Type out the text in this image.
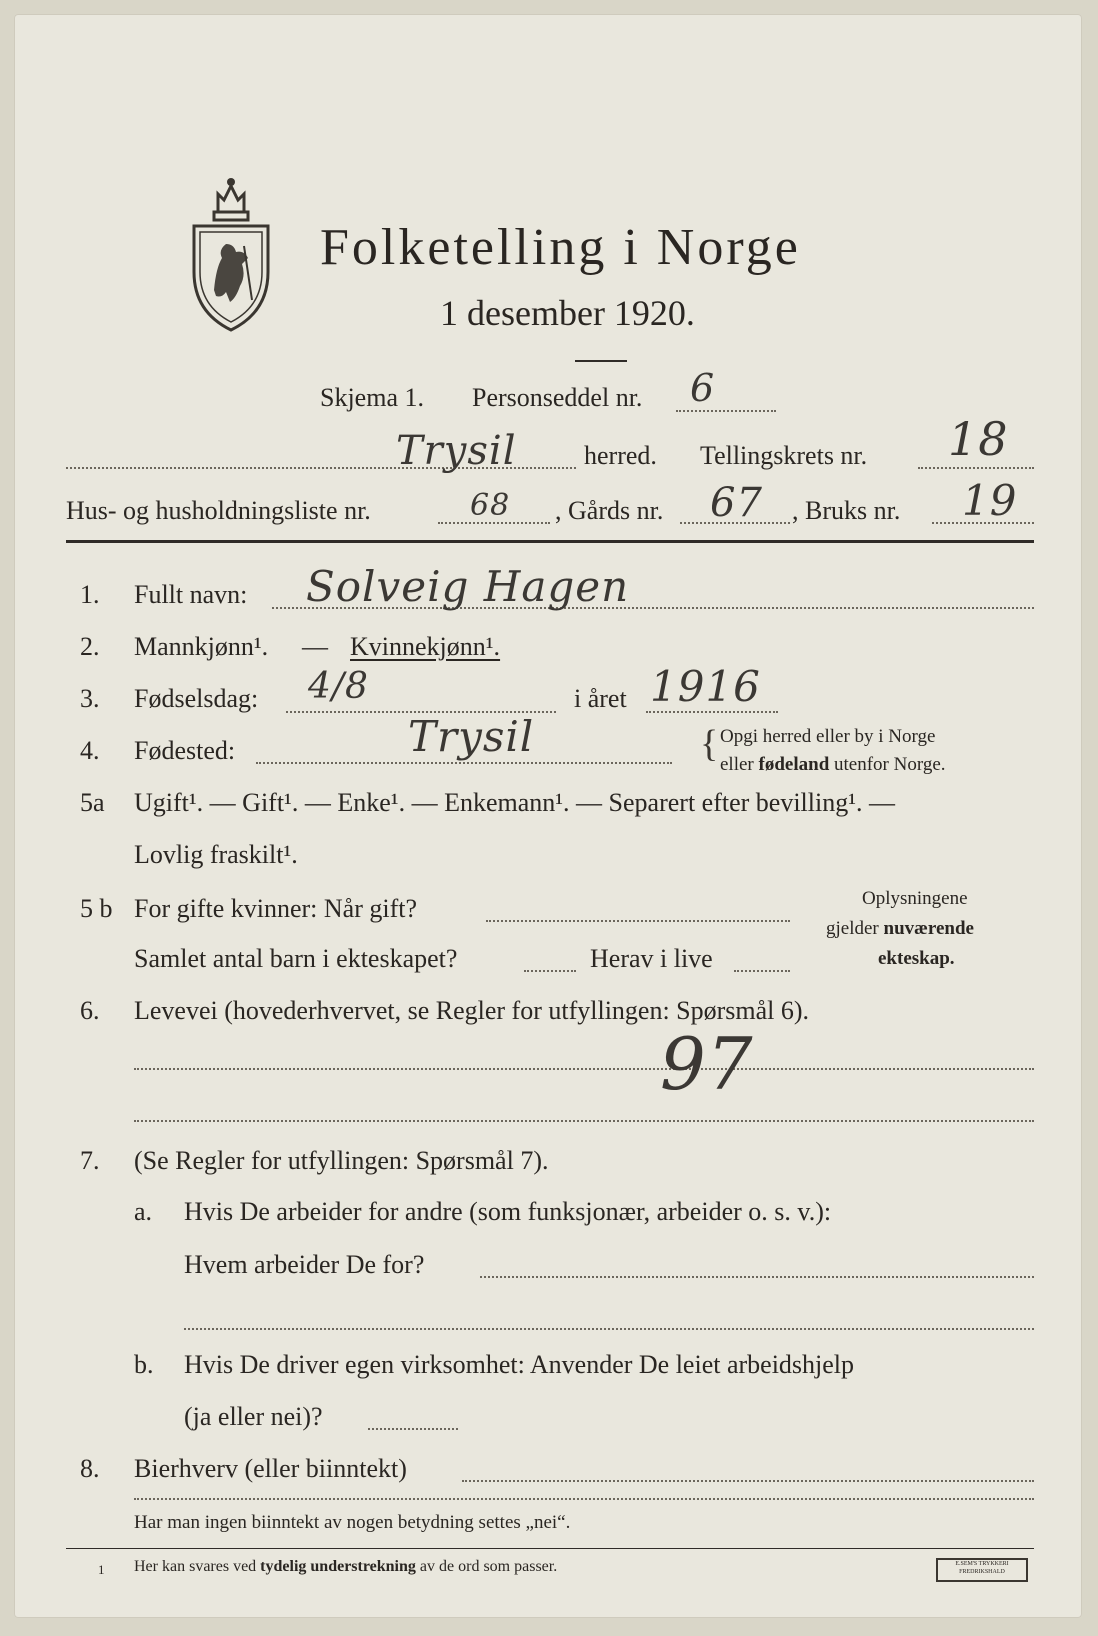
Folketelling i Norge
1 desember 1920.
Skjema 1. Personseddel nr. 6
Trysil	herred. Tellingskrets nr. 18
Hus- og husholdningsliste nr.	68 , Gårds nr. 67 , Bruks nr. 19
1. Fullt navn: Solveig Hagen
2. Mannkjønn¹. — Kvinnekjønn¹.
3. Fødselsdag: 4/8	i året 1916
4. Fødested:	Trysil	{ Opgi herred eller by i Norge
eller fødeland utenfor Norge.
5a Ugift¹. — Gift¹. — Enke¹. — Enkemann¹. — Separert efter bevilling¹. —
Lovlig fraskilt¹.
5 b For gifte kvinner: Når gift?
Samlet antal barn i ekteskapet?	Herav i live
Oplysningene
gjelder nuværende
ekteskap.
6. Levevei (hovederhvervet, se Regler for utfyllingen: Spørsmål 6).
97
7. (Se Regler for utfyllingen: Spørsmål 7).
a. Hvis De arbeider for andre (som funksjonær, arbeider o. s. v.):
Hvem arbeider De for?
b. Hvis De driver egen virksomhet: Anvender De leiet arbeidshjelp
(ja eller nei)?
8. Bierhverv (eller biinntekt)
Har man ingen biinntekt av nogen betydning settes „nei“.
1 Her kan svares ved tydelig understrekning av de ord som passer.	E.SEM'S TRYKKERI
FREDRIKSHALD
